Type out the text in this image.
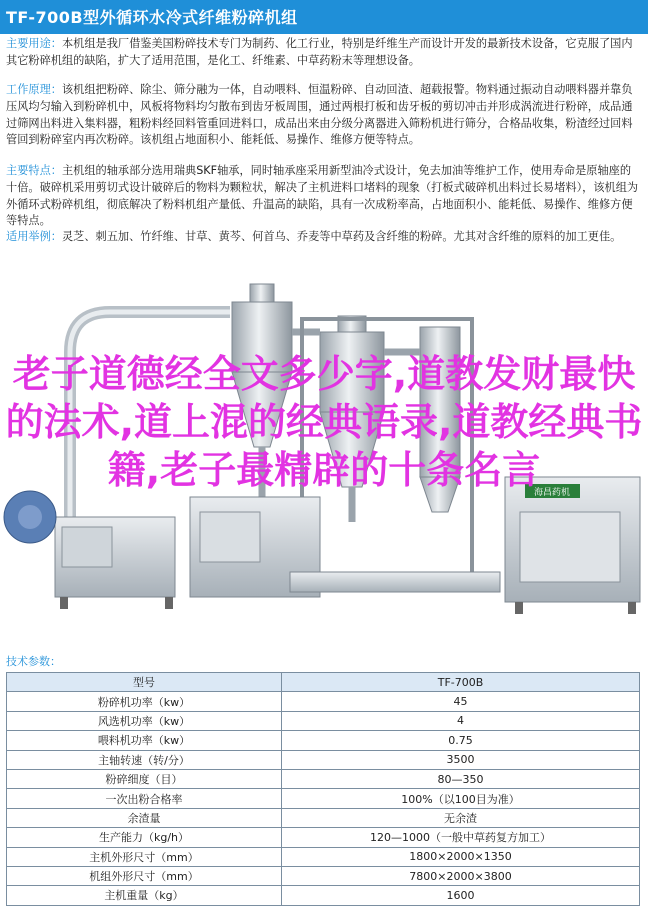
TF-700B型外循环水冷式纤维粉碎机组
主要用途：本机组是我厂借鉴美国粉碎技术专门为制药、化工行业，特别是纤维生产而设计开发的最新技术设备，它克服了国内其它粉碎机组的缺陷，扩大了适用范围，是化工、纤维素、中草药粉末等理想设备。
工作原理：该机组把粉碎、除尘、筛分融为一体，自动喂料、恒温粉碎、自动回渣、超载报警。物料通过振动自动喂料器并靠负压风均匀输入到粉碎机中，风板将物料均匀散布到齿牙板周围，通过两根打板和齿牙板的剪切冲击并形成涡流进行粉碎，成品通过筛网出料进入集料器，粗粉料经回料管重回进料口，成品出来由分级分离器进入筛粉机进行筛分，合格品收集，粉渣经过回料管回到粉碎室内再次粉碎。该机组占地面积小、能耗低、易操作、维修方便等特点。
主要特点：主机组的轴承部分选用瑞典SKF轴承，同时轴承座采用新型油冷式设计，免去加油等维护工作，使用寿命是原轴座的十倍。破碎机采用剪切式设计破碎后的物料为颗粒状，解决了主机进料口堵料的现象（打板式破碎机出料过长易堵料），该机组为外循环式粉碎机组，彻底解决了粉料机组产量低、升温高的缺陷，具有一次成粉率高，占地面积小、能耗低、易操作、维修方便等特点。
适用举例：灵芝、刺五加、竹纤维、甘草、黄芩、何首乌、乔麦等中草药及含纤维的粉碎。尤其对含纤维的原料的加工更佳。
海昌药机
老子道德经全文多少字,道教发财最快的法术,道上混的经典语录,道教经典书籍,老子最精辟的十条名言
技术参数：
型号	TF-700B
粉碎机功率（kw）	45
风选机功率（kw）	4
喂料机功率（kw）	0.75
主轴转速（转/分）	3500
粉碎细度（目）	80—350
一次出粉合格率	100%（以100目为准）
余渣量	无余渣
生产能力（kg/h）	120—1000（一般中草药复方加工）
主机外形尺寸（mm）	1800×2000×1350
机组外形尺寸（mm）	7800×2000×3800
主机重量（kg）	1600
